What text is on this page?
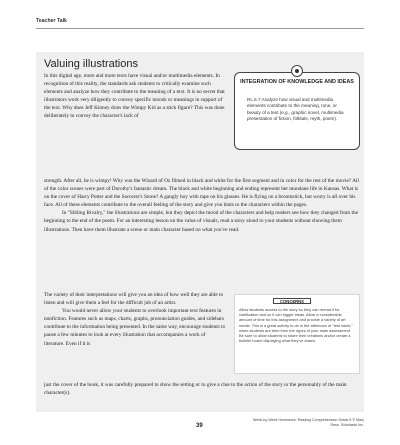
Teacher Talk
Valuing illustrations

In this digital age, more and more texts have visual and/or multimedia elements. In recognition of this reality, the standards ask students to critically examine such elements and analyze how they contribute to the meaning of a text. It is no secret that illustrators work very diligently to convey specific moods or meanings in support of the text. Why does Jeff Kinney draw the Wimpy Kid as a stick figure? This was done deliberately to convey the character's lack of

INTEGRATION OF KNOWLEDGE AND IDEAS
RL.5.7 Analyze how visual and multimedia elements contribute to the meaning, tone, or beauty of a text (e.g., graphic novel, multimedia presentation of fiction, folktale, myth, poem).

strength. After all, he is wimpy! Why was the Wizard of Oz filmed in black and white for the first segment and in color for the rest of the movie? All of the color scenes were part of Dorothy's fantastic dream. The black and white beginning and ending represent her mundane life in Kansas. What is on the cover of Harry Potter and the Sorcerer's Stone? A gangly boy with tape on his glasses. He is flying on a broomstick, but worry is all over his face. All of these elements contribute to the overall feeling of the story and give you hints to the characters within the pages.

In "Sibling Rivalry," the illustrations are simple, but they depict the mood of the characters and help readers see how they changed from the beginning to the end of the poem. For an interesting lesson on the value of visuals, read a story aloud to your students without showing them illustrations. Then have them illustrate a scene or main character based on what you've read.

The variety of their interpretations will give you an idea of how well they are able to listen and will give them a feel for the difficult job of an artist.

You would never allow your students to overlook important text features in nonfiction. Features such as maps, charts, graphs, pronunciation guides, and sidebars contribute to the information being presented. In the same way, encourage students to pause a few minutes to look at every illustration that accompanies a work of literature. Even if it is

CONCERNS
Allow students access to the story so they can reread it for clarification and so it can trigger ideas. Allow a considerable amount of time for this assignment and provide a variety of art media. This is a great activity to do in the afternoon of "test week," when students are tired from the rigors of your state assessment. Be sure to allow students to share their creations and/or create a bulletin board displaying what they've drawn.

just the cover of the book, it was carefully prepared to show the setting or to give a clue to the action of the story or the personality of the main character(s).

39
Week-by-Week Homework: Reading Comprehension Grade 5 © Mary Rose, Scholastic Inc.
